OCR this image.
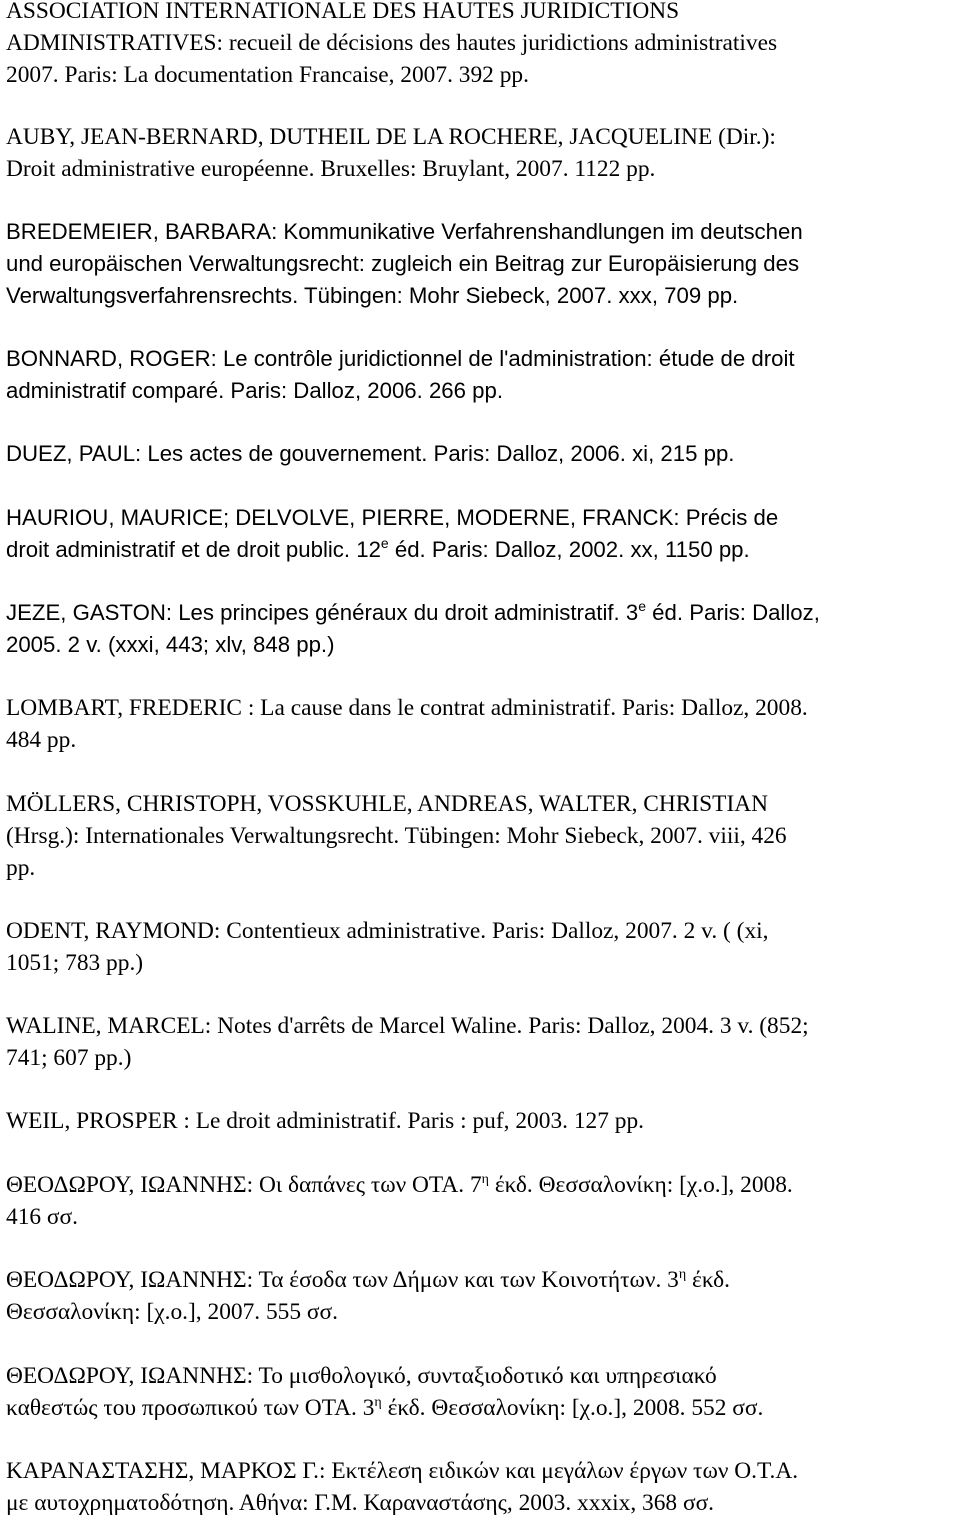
ASSOCIATION INTERNATIONALE DES HAUTES JURIDICTIONS
ADMINISTRATIVES: recueil de décisions des hautes juridictions administratives
2007. Paris: La documentation Francaise, 2007. 392 pp.

AUBY, JEAN-BERNARD, DUTHEIL DE LA ROCHERE, JACQUELINE (Dir.):
Droit administrative européenne. Bruxelles: Bruylant, 2007. 1122 pp.

BREDEMEIER, BARBARA: Kommunikative Verfahrenshandlungen im deutschen
und europäischen Verwaltungsrecht: zugleich ein Beitrag zur Europäisierung des
Verwaltungsverfahrensrechts. Tübingen: Mohr Siebeck, 2007. xxx, 709 pp.

BONNARD, ROGER: Le contrôle juridictionnel de l'administration: étude de droit
administratif comparé. Paris: Dalloz, 2006. 266 pp.

DUEZ, PAUL: Les actes de gouvernement. Paris: Dalloz, 2006. xi, 215 pp.

HAURIOU, MAURICE; DELVOLVE, PIERRE, MODERNE, FRANCK: Précis de
droit administratif et de droit public. 12e éd. Paris: Dalloz, 2002. xx, 1150 pp.

JEZE, GASTON: Les principes généraux du droit administratif. 3e éd. Paris: Dalloz,
2005. 2 v. (xxxi, 443; xlv, 848 pp.)

LOMBART, FREDERIC : La cause dans le contrat administratif. Paris: Dalloz, 2008.
484 pp.

MÖLLERS, CHRISTOPH, VOSSKUHLE, ANDREAS, WALTER, CHRISTIAN
(Hrsg.): Internationales Verwaltungsrecht. Tübingen: Mohr Siebeck, 2007. viii, 426
pp.

ODENT, RAYMOND: Contentieux administrative. Paris: Dalloz, 2007. 2 v. ( (xi,
1051; 783 pp.)

WALINE, MARCEL: Notes d'arrêts de Marcel Waline. Paris: Dalloz, 2004. 3 v. (852;
741; 607 pp.)

WEIL, PROSPER : Le droit administratif. Paris : puf, 2003. 127 pp.

ΘΕΟΔΩΡΟΥ, ΙΩΑΝΝΗΣ: Οι δαπάνες των ΟΤΑ. $7^\eta$ έκδ. Θεσσαλονίκη: [χ.ο.], 2008.
416 σσ.

ΘΕΟΔΩΡΟΥ, ΙΩΑΝΝΗΣ: Τα έσοδα των Δήμων και των Κοινοτήτων. $3^\eta$ έκδ.
Θεσσαλονίκη: [χ.ο.], 2007. 555 σσ.

ΘΕΟΔΩΡΟΥ, ΙΩΑΝΝΗΣ: Το μισθολογικό, συνταξιοδοτικό και υπηρεσιακό
καθεστώς του προσωπικού των ΟΤΑ. $3^\eta$ έκδ. Θεσσαλονίκη: [χ.ο.], 2008. 552 σσ.

ΚΑΡΑΝΑΣΤΑΣΗΣ, ΜΑΡΚΟΣ Γ.: Εκτέλεση ειδικών και μεγάλων έργων των Ο.Τ.Α.
με αυτοχρηματοδότηση. Αθήνα: Γ.Μ. Καραναστάσης, 2003. xxxix, 368 σσ.
